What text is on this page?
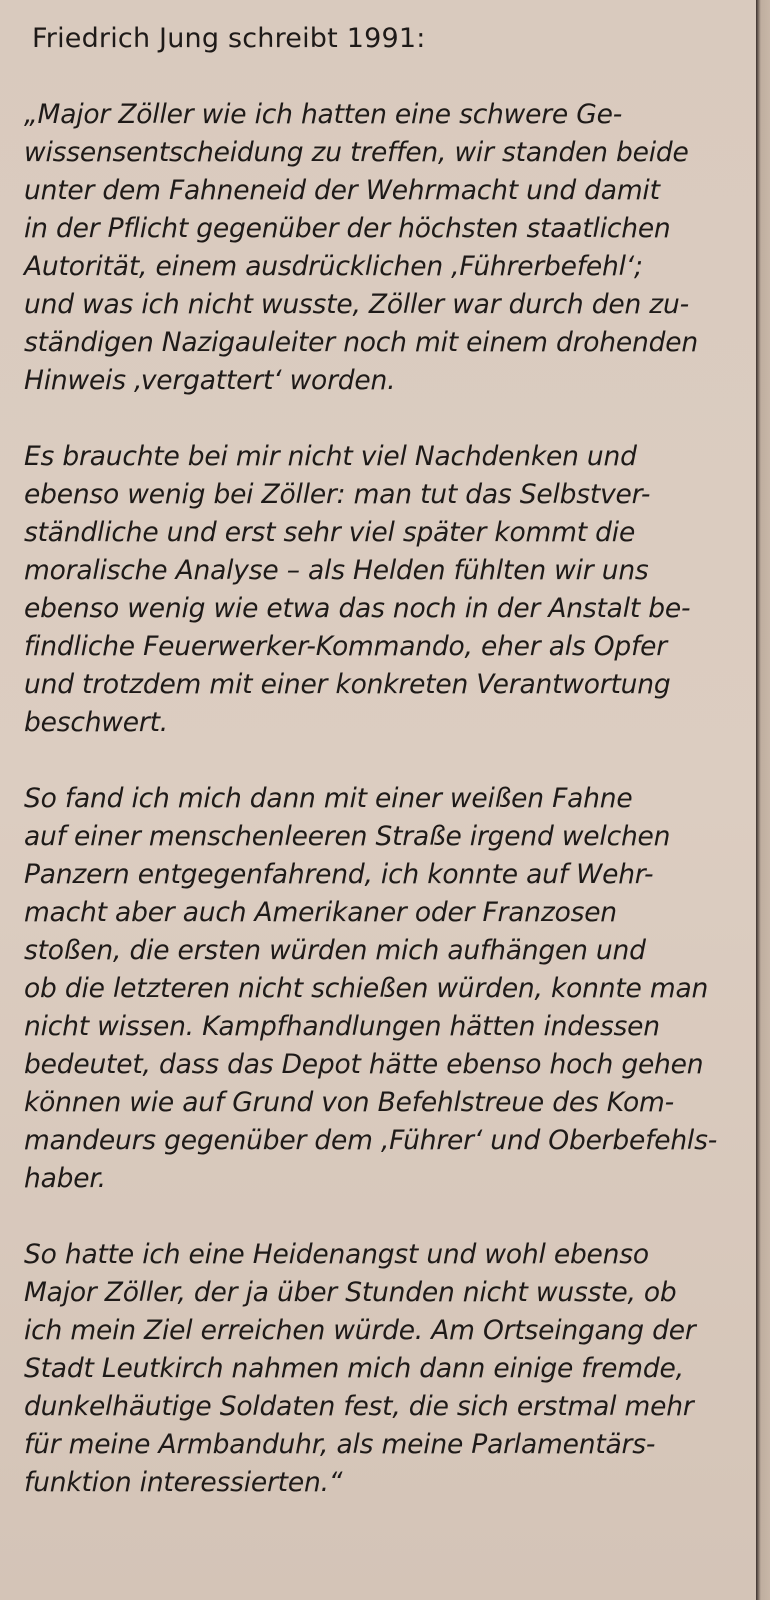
Friedrich Jung schreibt 1991:
„Major Zöller wie ich hatten eine schwere Ge-
wissensentscheidung zu treffen, wir standen beide
unter dem Fahneneid der Wehrmacht und damit
in der Pflicht gegenüber der höchsten staatlichen
Autorität, einem ausdrücklichen ‚Führerbefehl‘;
und was ich nicht wusste, Zöller war durch den zu-
ständigen Nazigauleiter noch mit einem drohenden
Hinweis ‚vergattert‘ worden.
Es brauchte bei mir nicht viel Nachdenken und
ebenso wenig bei Zöller: man tut das Selbstver-
ständliche und erst sehr viel später kommt die
moralische Analyse – als Helden fühlten wir uns
ebenso wenig wie etwa das noch in der Anstalt be-
findliche Feuerwerker-Kommando, eher als Opfer
und trotzdem mit einer konkreten Verantwortung
beschwert.
So fand ich mich dann mit einer weißen Fahne
auf einer menschenleeren Straße irgend welchen
Panzern entgegenfahrend, ich konnte auf Wehr-
macht aber auch Amerikaner oder Franzosen
stoßen, die ersten würden mich aufhängen und
ob die letzteren nicht schießen würden, konnte man
nicht wissen. Kampfhandlungen hätten indessen
bedeutet, dass das Depot hätte ebenso hoch gehen
können wie auf Grund von Befehlstreue des Kom-
mandeurs gegenüber dem ‚Führer‘ und Oberbefehls-
haber.
So hatte ich eine Heidenangst und wohl ebenso
Major Zöller, der ja über Stunden nicht wusste, ob
ich mein Ziel erreichen würde. Am Ortseingang der
Stadt Leutkirch nahmen mich dann einige fremde,
dunkelhäutige Soldaten fest, die sich erstmal mehr
für meine Armbanduhr, als meine Parlamentärs-
funktion interessierten.“
